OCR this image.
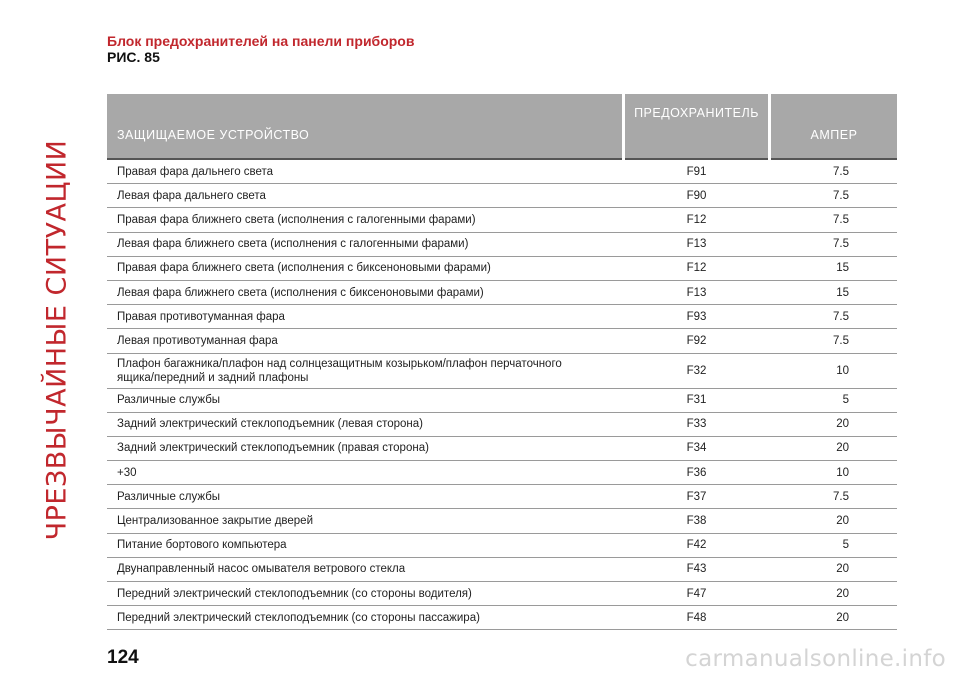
ЧРЕЗВЫЧАЙНЫЕ СИТУАЦИИ
Блок предохранителей на панели приборов
РИС. 85
ЗАЩИЩАЕМОЕ УСТРОЙСТВО	ПРЕДОХРАНИТЕЛЬ	АМПЕР
Правая фара дальнего света	F91	7.5
Левая фара дальнего света	F90	7.5
Правая фара ближнего света (исполнения с галогенными фарами)	F12	7.5
Левая фара ближнего света (исполнения с галогенными фарами)	F13	7.5
Правая фара ближнего света (исполнения с биксеноновыми фарами)	F12	15
Левая фара ближнего света (исполнения с биксеноновыми фарами)	F13	15
Правая противотуманная фара	F93	7.5
Левая противотуманная фара	F92	7.5
Плафон багажника/плафон над солнцезащитным козырьком/плафон перчаточного
ящика/передний и задний плафоны	F32	10
Различные службы	F31	5
Задний электрический стеклоподъемник (левая сторона)	F33	20
Задний электрический стеклоподъемник (правая сторона)	F34	20
+30	F36	10
Различные службы	F37	7.5
Централизованное закрытие дверей	F38	20
Питание бортового компьютера	F42	5
Двунаправленный насос омывателя ветрового стекла	F43	20
Передний электрический стеклоподъемник (со стороны водителя)	F47	20
Передний электрический стеклоподъемник (со стороны пассажира)	F48	20
124	carmanualsonline.info
